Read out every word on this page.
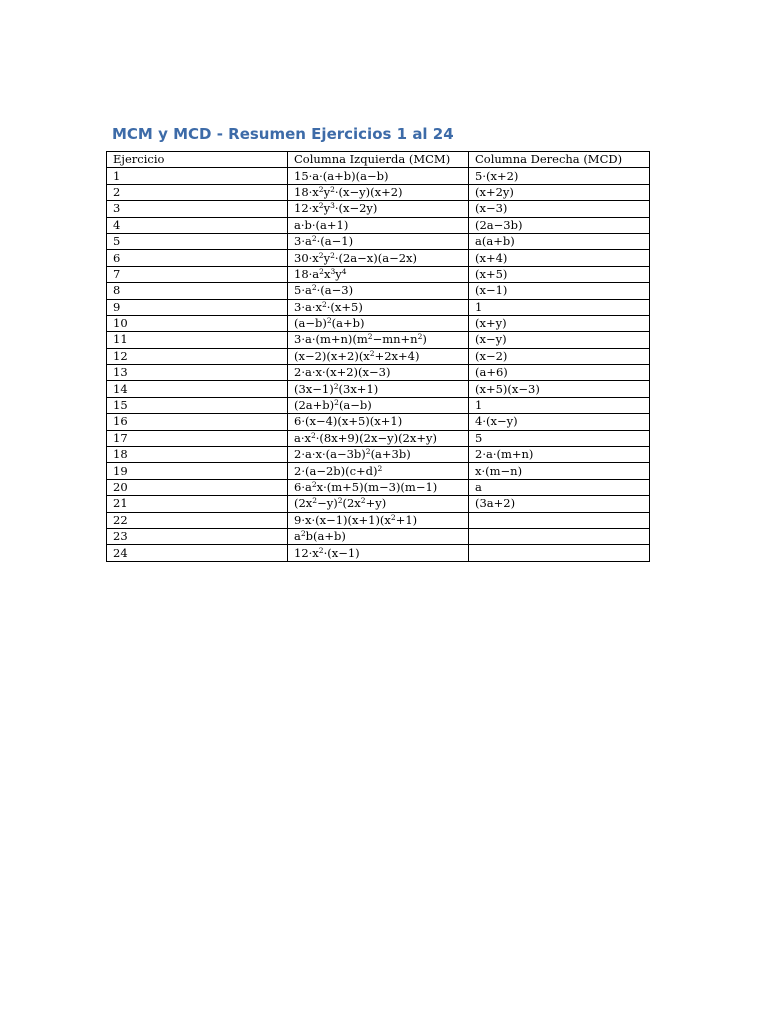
MCM y MCD - Resumen Ejercicios 1 al 24
Ejercicio	Columna Izquierda (MCM)	Columna Derecha (MCD)
1	15·a·(a+b)(a−b)	5·(x+2)
2	$18\cdot x^2y^2\cdot(x-y)(x+2)$	(x+2y)
3	$12\cdot x^2y^3\cdot(x-2y)$	(x−3)
4	a·b·(a+1)	(2a−3b)
5	$3\cdot a^2\cdot(a-1)$	a(a+b)
6	$30\cdot x^2y^2\cdot(2a-x)(a-2x)$	(x+4)
7	$18\cdot a^2x^3y^4$	(x+5)
8	$5\cdot a^2\cdot(a-3)$	(x−1)
9	$3\cdot a\cdot x^2\cdot(x+5)$	1
10	$(a-b)^2(a+b)$	(x+y)
11	$3\cdot a\cdot(m+n)(m^2-mn+n^2)$	(x−y)
12	$(x-2)(x+2)(x^2+2x+4)$	(x−2)
13	2·a·x·(x+2)(x−3)	(a+6)
14	$(3x-1)^2(3x+1)$	(x+5)(x−3)
15	$(2a+b)^2(a-b)$	1
16	6·(x−4)(x+5)(x+1)	4·(x−y)
17	$a\cdot x^2\cdot(8x+9)(2x-y)(2x+y)$	5
18	$2\cdot a\cdot x\cdot(a-3b)^2(a+3b)$	2·a·(m+n)
19	$2\cdot(a-2b)(c+d)^2$	x·(m−n)
20	$6\cdot a^2x\cdot(m+5)(m-3)(m-1)$	a
21	$(2x^2-y)^2(2x^2+y)$	(3a+2)
22	$9\cdot x\cdot(x-1)(x+1)(x^2+1)$	
23	$a^2b(a+b)$	
24	$12\cdot x^2\cdot(x-1)$	
